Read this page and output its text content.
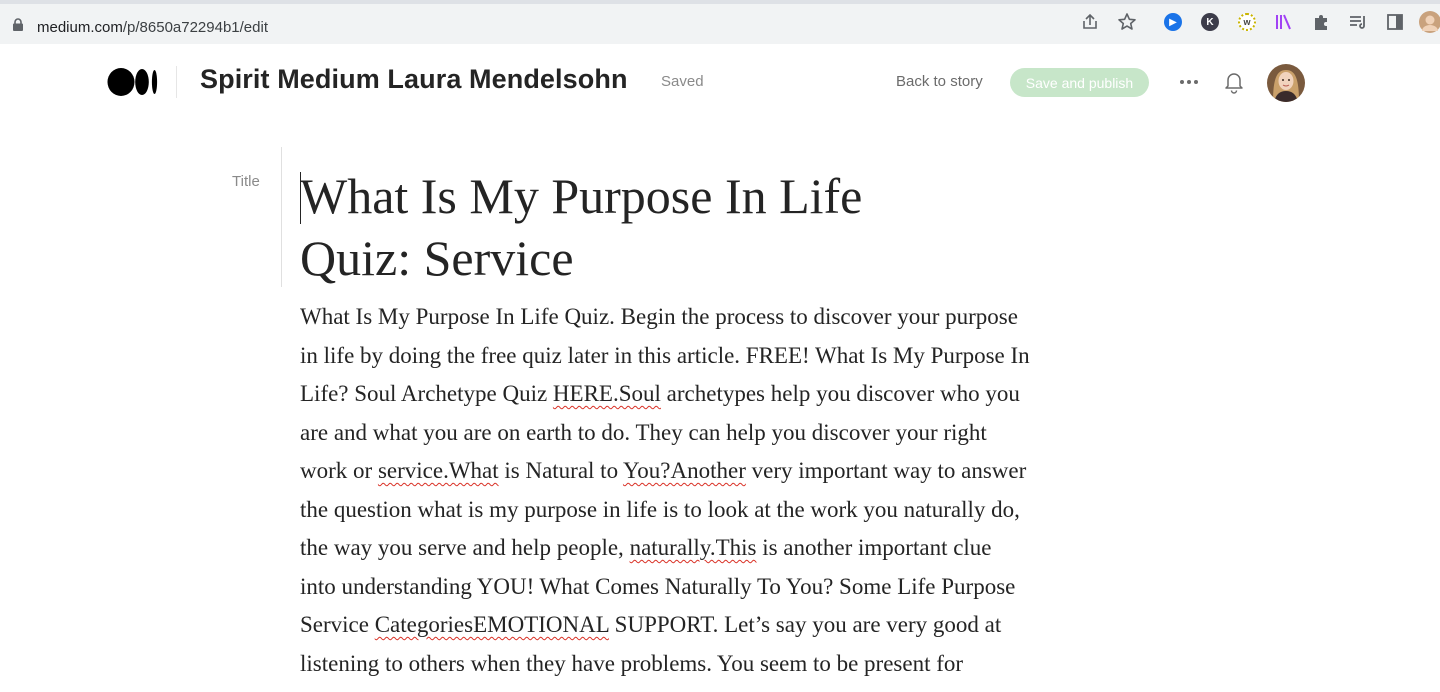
medium.com/p/8650a72294b1/edit	▶	K	w
Spirit Medium Laura Mendelsohn Saved	Back to story	Save and publish
Title What Is My Purpose In Life
Quiz: Service
What Is My Purpose In Life Quiz. Begin the process to discover your purpose
in life by doing the free quiz later in this article. FREE! What Is My Purpose In
Life? Soul Archetype Quiz HERE.Soul archetypes help you discover who you
are and what you are on earth to do. They can help you discover your right
work or service.What is Natural to You?Another very important way to answer
the question what is my purpose in life is to look at the work you naturally do,
the way you serve and help people, naturally.This is another important clue
into understanding YOU! What Comes Naturally To You? Some Life Purpose
Service CategoriesEMOTIONAL SUPPORT. Let’s say you are very good at
listening to others when they have problems. You seem to be present for
